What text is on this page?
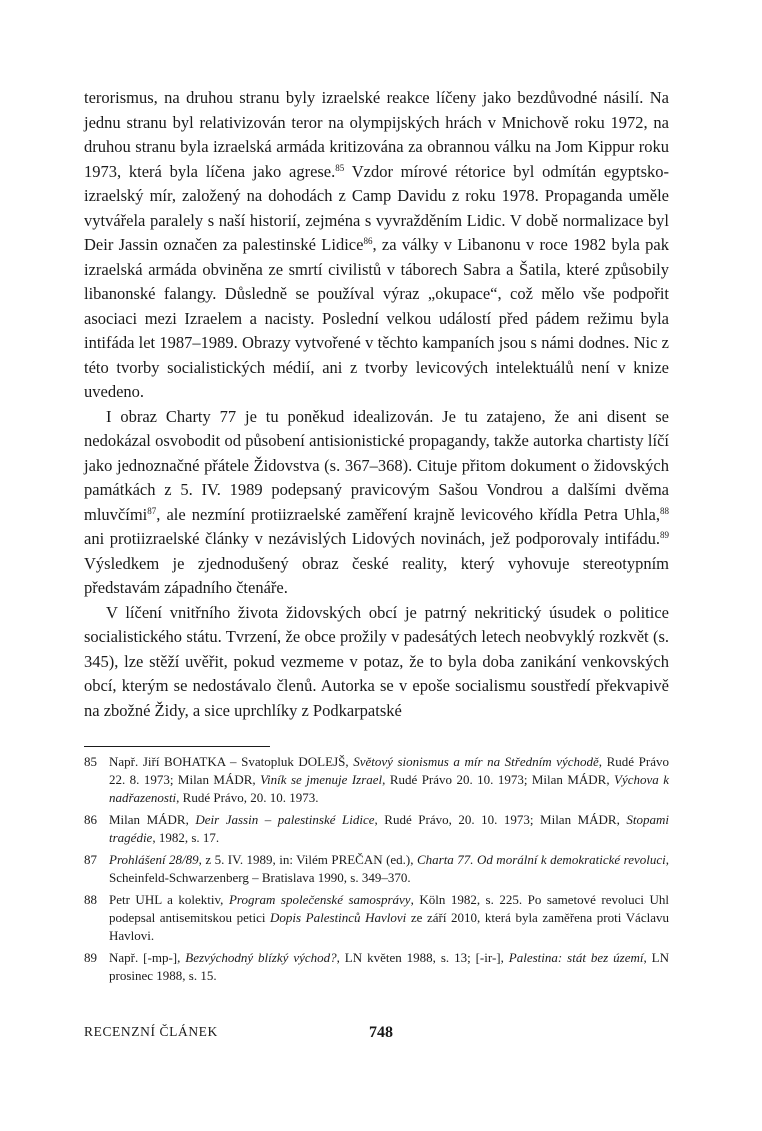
terorismus, na druhou stranu byly izraelské reakce líčeny jako bezdůvodné násilí. Na jednu stranu byl relativizován teror na olympijských hrách v Mnichově roku 1972, na druhou stranu byla izraelská armáda kritizována za obrannou válku na Jom Kippur roku 1973, která byla líčena jako agrese.$^{85}$ Vzdor mírové rétorice byl odmítán egyptsko-izraelský mír, založený na dohodách z Camp Davidu z roku 1978. Propaganda uměle vytvářela paralely s naší historií, zejména s vyvražděním Lidic. V době normalizace byl Deir Jassin označen za palestinské Lidice$^{86}$, za války v Libanonu v roce 1982 byla pak izraelská armáda obviněna ze smrtí civilistů v táborech Sabra a Šatila, které způsobily libanonské falangy. Důsledně se používal výraz „okupace“, což mělo vše podpořit asociaci mezi Izraelem a nacisty. Poslední velkou událostí před pádem režimu byla intifáda let 1987–1989. Obrazy vytvořené v těchto kampaních jsou s námi dodnes. Nic z této tvorby socialistických médií, ani z tvorby levicových intelektuálů není v knize uvedeno.

I obraz Charty 77 je tu poněkud idealizován. Je tu zatajeno, že ani disent se nedokázal osvobodit od působení antisionistické propagandy, takže autorka chartisty líčí jako jednoznačné přátele Židovstva (s. 367–368). Cituje přitom dokument o židovských památkách z 5. IV. 1989 podepsaný pravicovým Sašou Vondrou a dalšími dvěma mluvčími$^{87}$, ale nezmíní protiizraelské zaměření krajně levicového křídla Petra Uhla,$^{88}$ ani protiizraelské články v nezávislých Lidových novinách, jež podporovaly intifádu.$^{89}$ Výsledkem je zjednodušený obraz české reality, který vyhovuje stereotypním představám západního čtenáře.

V líčení vnitřního života židovských obcí je patrný nekritický úsudek o politice socialistického státu. Tvrzení, že obce prožily v padesátých letech neobvyklý rozkvět (s. 345), lze stěží uvěřit, pokud vezmeme v potaz, že to byla doba zanikání venkovských obcí, kterým se nedostávalo členů. Autorka se v epoše socialismu soustředí překvapivě na zbožné Židy, a sice uprchlíky z Podkarpatské

85 Např. Jiří BOHATKA – Svatopluk DOLEJŠ, Světový sionismus a mír na Středním východě, Rudé Právo 22. 8. 1973; Milan MÁDR, Viník se jmenuje Izrael, Rudé Právo 20. 10. 1973; Milan MÁDR, Výchova k nadřazenosti, Rudé Právo, 20. 10. 1973.
86 Milan MÁDR, Deir Jassin – palestinské Lidice, Rudé Právo, 20. 10. 1973; Milan MÁDR, Stopami tragédie, 1982, s. 17.
87 Prohlášení 28/89, z 5. IV. 1989, in: Vilém PREČAN (ed.), Charta 77. Od morální k demokratické revoluci, Scheinfeld-Schwarzenberg – Bratislava 1990, s. 349–370.
88 Petr UHL a kolektiv, Program společenské samosprávy, Köln 1982, s. 225. Po sametové revoluci Uhl podepsal antisemitskou petici Dopis Palestinců Havlovi ze září 2010, která byla zaměřena proti Václavu Havlovi.
89 Např. [-mp-], Bezvýchodný blízký východ?, LN květen 1988, s. 13; [-ir-], Palestina: stát bez území, LN prosinec 1988, s. 15.
RECENZNÍ ČLÁNEK	748
